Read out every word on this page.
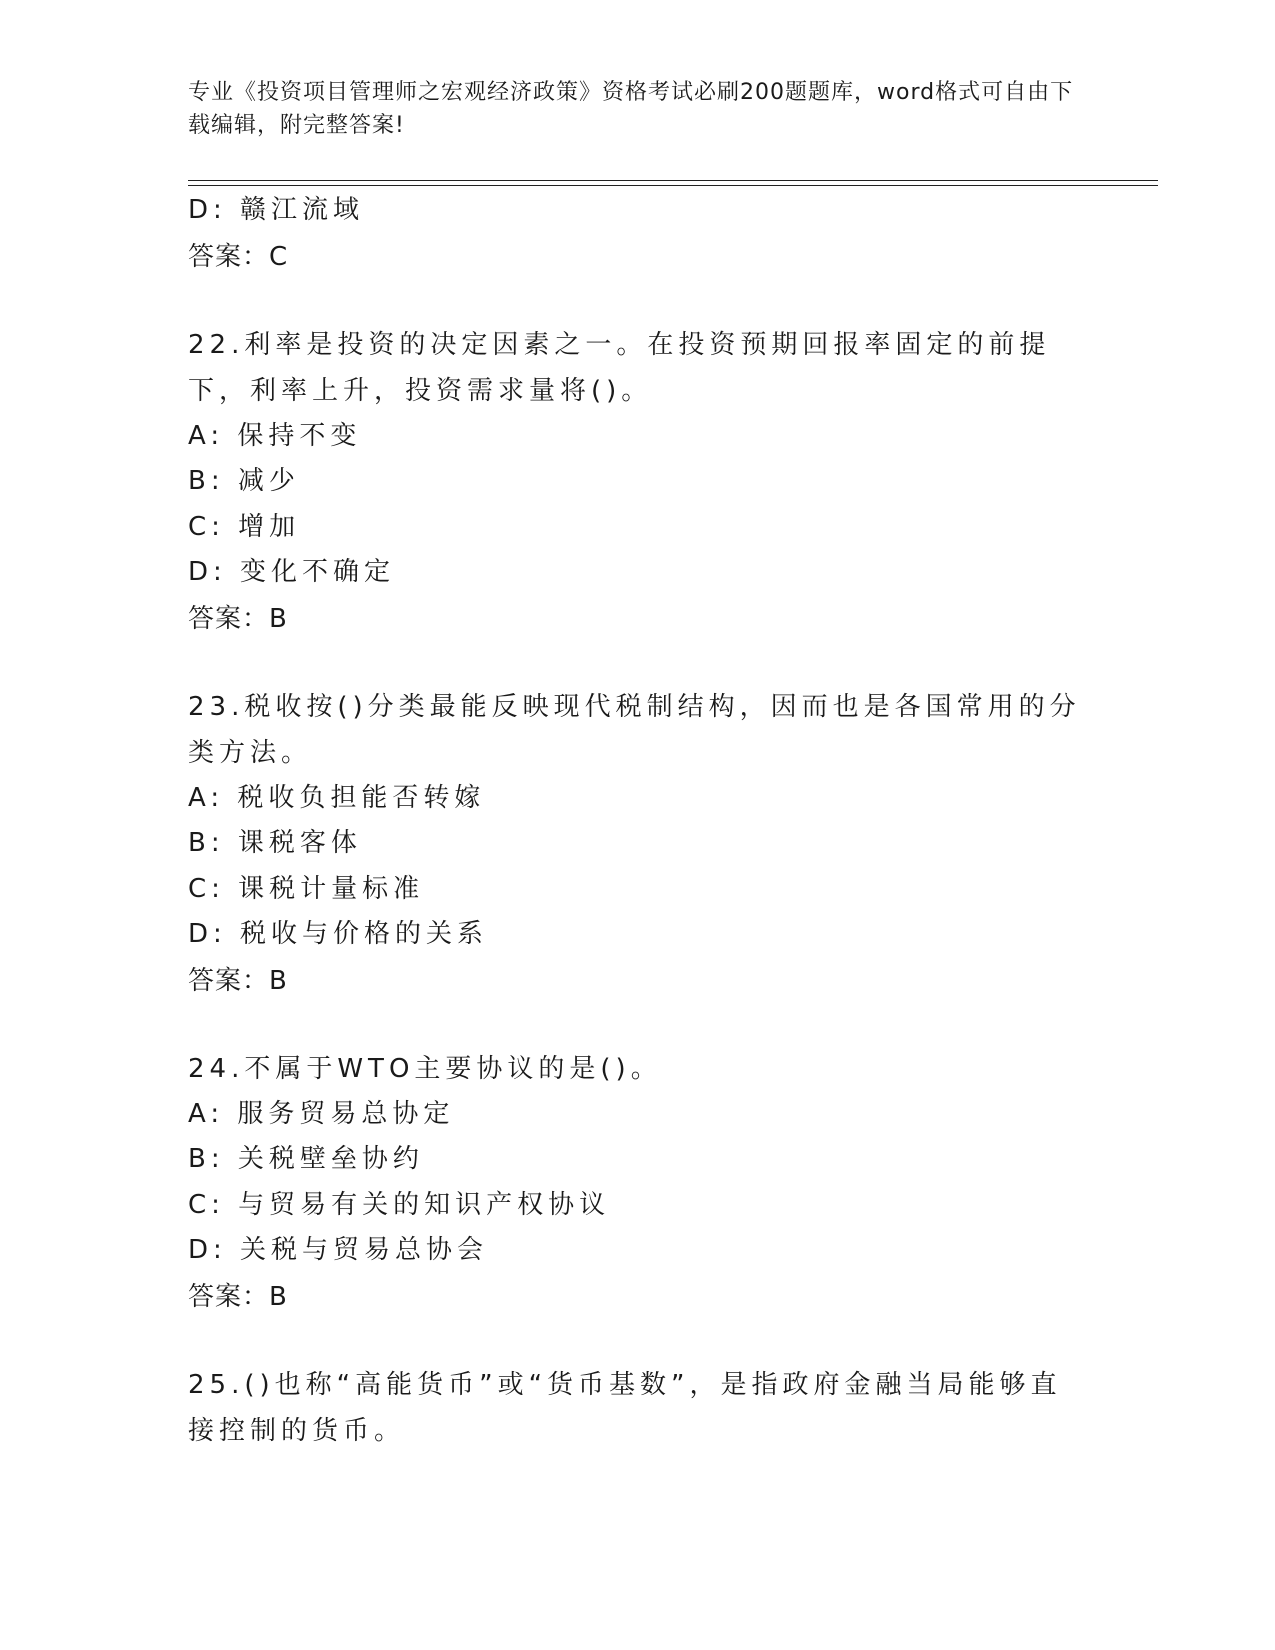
专业《投资项目管理师之宏观经济政策》资格考试必刷200题题库，word格式可自由下载编辑，附完整答案!
D: 赣江流域
答案：C
22.利率是投资的决定因素之一。在投资预期回报率固定的前提下，利率上升，投资需求量将()。
A: 保持不变
B: 减少
C: 增加
D: 变化不确定
答案：B
23.税收按()分类最能反映现代税制结构，因而也是各国常用的分类方法。
A: 税收负担能否转嫁
B: 课税客体
C: 课税计量标准
D: 税收与价格的关系
答案：B
24.不属于WTO主要协议的是()。
A: 服务贸易总协定
B: 关税壁垒协约
C: 与贸易有关的知识产权协议
D: 关税与贸易总协会
答案：B
25.()也称“高能货币”或“货币基数”，是指政府金融当局能够直接控制的货币。
